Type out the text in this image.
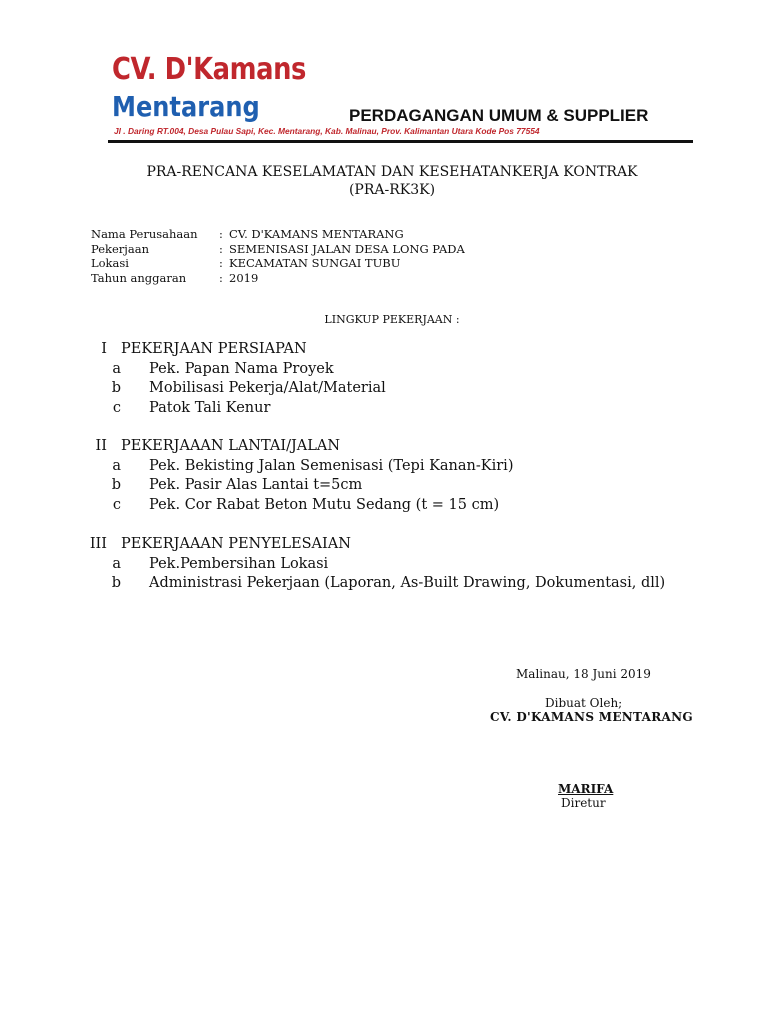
CV. D'Kamans
Mentarang	PERDAGANGAN UMUM & SUPPLIER
Jl . Daring RT.004, Desa Pulau Sapi, Kec. Mentarang, Kab. Malinau, Prov. Kalimantan Utara Kode Pos 77554
PRA-RENCANA KESELAMATAN DAN KESEHATANKERJA KONTRAK
(PRA-RK3K)
Nama Perusahaan	: CV. D'KAMANS MENTARANG
Pekerjaan	: SEMENISASI JALAN DESA LONG PADA
Lokasi	: KECAMATAN SUNGAI TUBU
Tahun anggaran	: 2019
LINGKUP PEKERJAAN :
I PEKERJAAN PERSIAPAN
a Pek. Papan Nama Proyek
b Mobilisasi Pekerja/Alat/Material
c Patok Tali Kenur
II PEKERJAAAN LANTAI/JALAN
a Pek. Bekisting Jalan Semenisasi (Tepi Kanan-Kiri)
b Pek. Pasir Alas Lantai t=5cm
c Pek. Cor Rabat Beton Mutu Sedang (t = 15 cm)
III PEKERJAAAN PENYELESAIAN
a Pek.Pembersihan Lokasi
b Administrasi Pekerjaan (Laporan, As-Built Drawing, Dokumentasi, dll)
Malinau, 18 Juni 2019
Dibuat Oleh;
CV. D'KAMANS MENTARANG
MARIFA
Diretur
